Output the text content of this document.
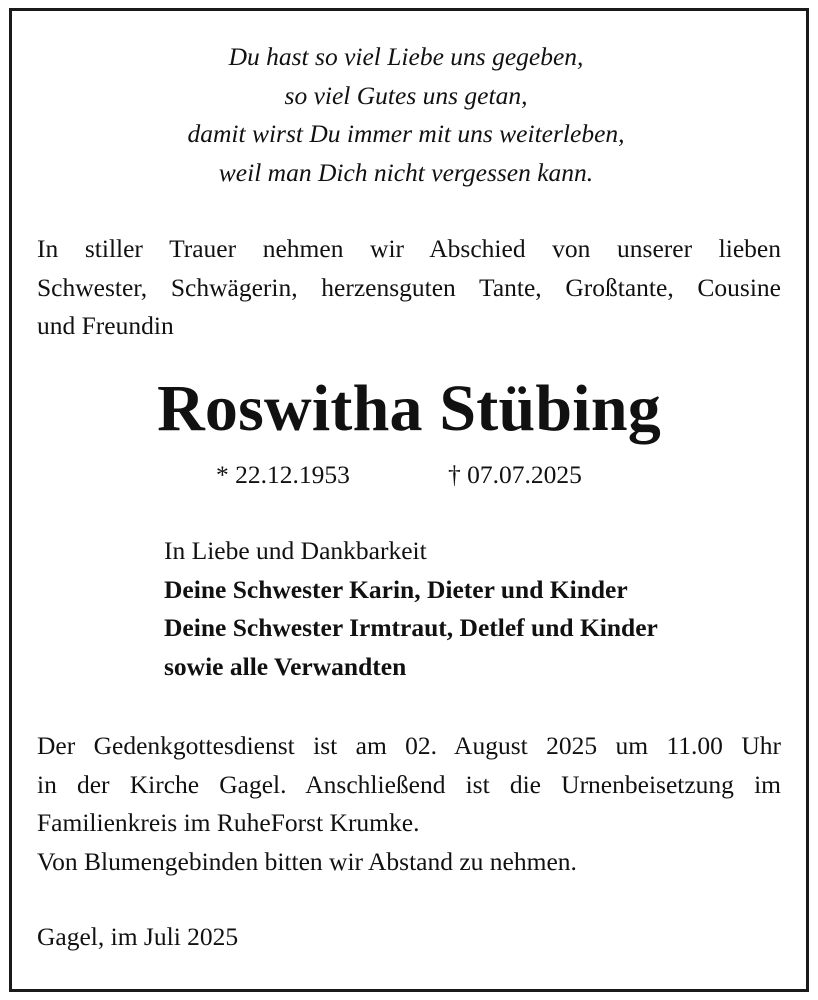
Du hast so viel Liebe uns gegeben,
so viel Gutes uns getan,
damit wirst Du immer mit uns weiterleben,
weil man Dich nicht vergessen kann.
In stiller Trauer nehmen wir Abschied von unserer lieben
Schwester, Schwägerin, herzensguten Tante, Großtante, Cousine
und Freundin
Roswitha Stübing
* 22.12.1953	† 07.07.2025
In Liebe und Dankbarkeit
Deine Schwester Karin, Dieter und Kinder
Deine Schwester Irmtraut, Detlef und Kinder
sowie alle Verwandten
Der Gedenkgottesdienst ist am 02. August 2025 um 11.00 Uhr
in der Kirche Gagel. Anschließend ist die Urnenbeisetzung im
Familienkreis im RuheForst Krumke.
Von Blumengebinden bitten wir Abstand zu nehmen.
Gagel, im Juli 2025
